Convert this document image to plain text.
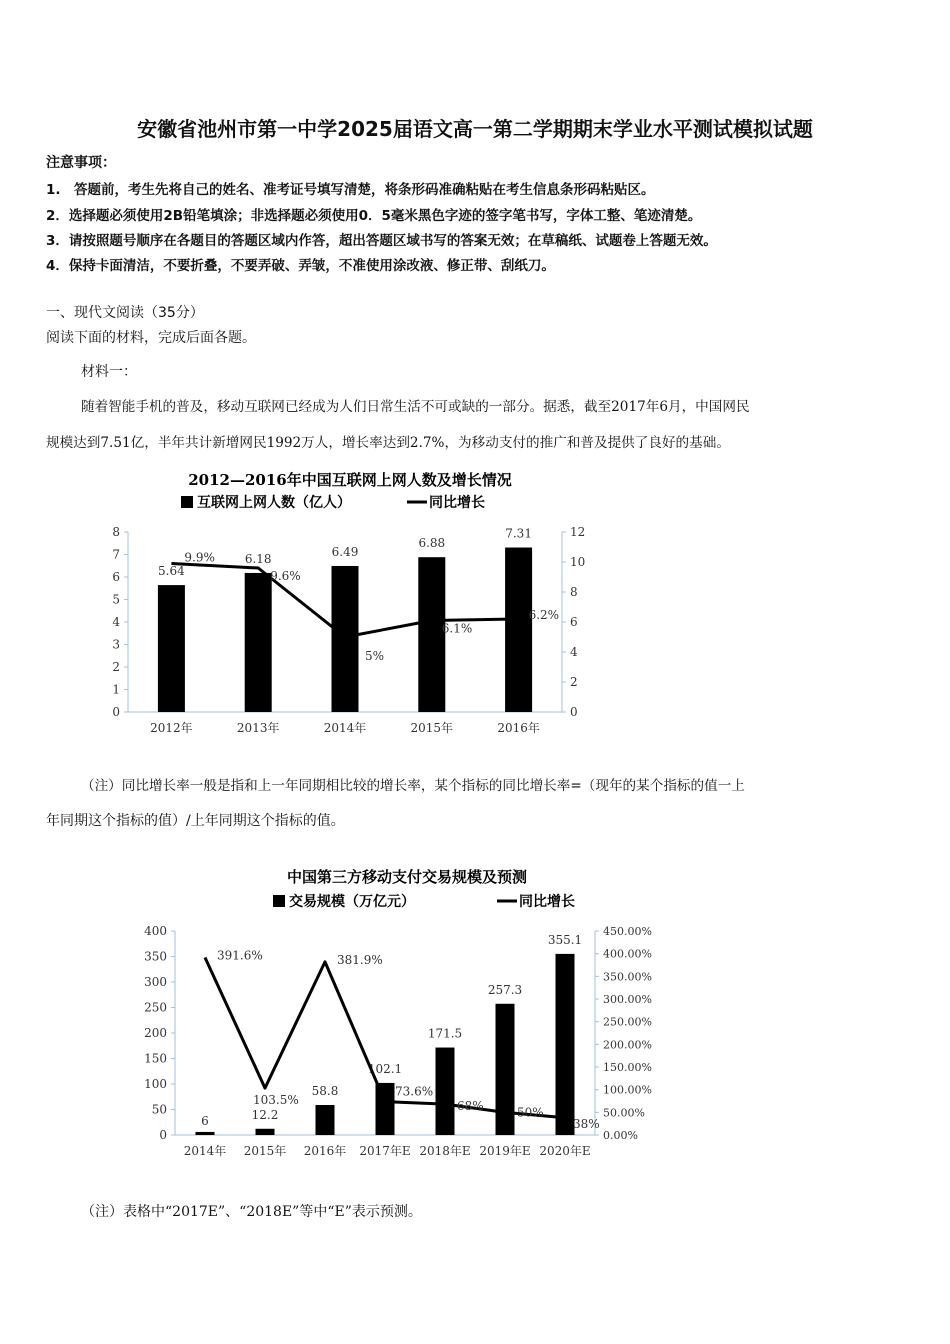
安徽省池州市第一中学2025届语文高一第二学期期末学业水平测试模拟试题
注意事项：
1.　答题前，考生先将自己的姓名、准考证号填写清楚，将条形码准确粘贴在考生信息条形码粘贴区。
2．选择题必须使用2B铅笔填涂；非选择题必须使用0．5毫米黑色字迹的签字笔书写，字体工整、笔迹清楚。
3．请按照题号顺序在各题目的答题区域内作答，超出答题区域书写的答案无效；在草稿纸、试题卷上答题无效。
4．保持卡面清洁，不要折叠，不要弄破、弄皱，不准使用涂改液、修正带、刮纸刀。
一、现代文阅读（35分）
阅读下面的材料，完成后面各题。
材料一：
随着智能手机的普及，移动互联网已经成为人们日常生活不可或缺的一部分。据悉，截至2017年6月，中国网民
规模达到7.51亿，半年共计新增网民1992万人，增长率达到2.7%，为移动支付的推广和普及提供了良好的基础。
2012—2016年中国互联网上网人数及增长情况
互联网上网人数（亿人）	同比增长
0
1
2
3
4
5
6
7
8
0
2
4
6
8
10
12
5.64
2012年
6.18
2013年
6.49
2014年
6.88
2015年
7.31
2016年
9.9%
9.6%
5%
6.1%
6.2%
（注）同比增长率一般是指和上一年同期相比较的增长率，某个指标的同比增长率=（现年的某个指标的值一上
年同期这个指标的值）/上年同期这个指标的值。
中国第三方移动支付交易规模及预测
交易规模（万亿元）	同比增长
0
50
100
150
200
250
300
350
400
0.00%
50.00%
100.00%
150.00%
200.00%
250.00%
300.00%
350.00%
400.00%
450.00%
6
2014年
12.2
2015年
58.8
2016年
102.1
2017年E
171.5
2018年E
257.3
2019年E
355.1
2020年E
391.6%
103.5%
381.9%
73.6%
68%	50%
38%
（注）表格中“2017E”、“2018E”等中“E”表示预测。
